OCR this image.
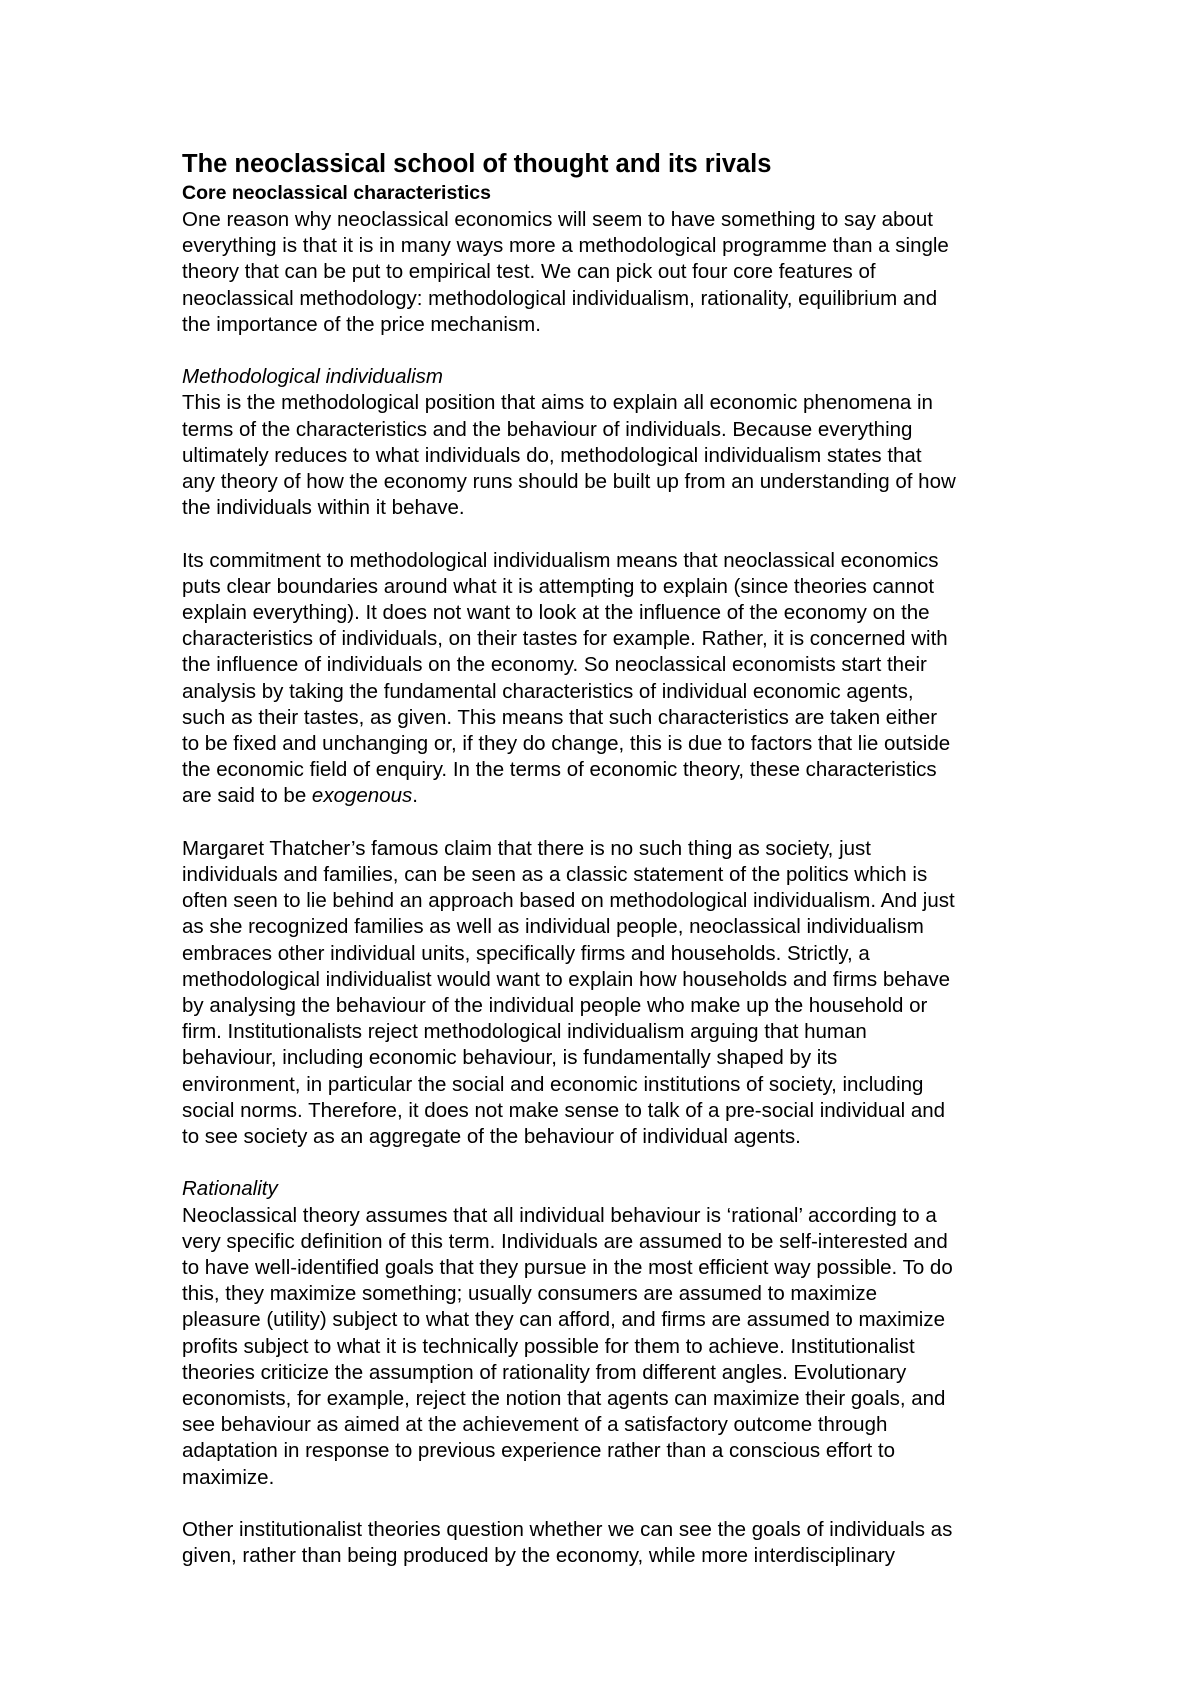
The neoclassical school of thought and its rivals
Core neoclassical characteristics

One reason why neoclassical economics will seem to have something to say about
everything is that it is in many ways more a methodological programme than a single
theory that can be put to empirical test. We can pick out four core features of
neoclassical methodology: methodological individualism, rationality, equilibrium and
the importance of the price mechanism.

Methodological individualism

This is the methodological position that aims to explain all economic phenomena in
terms of the characteristics and the behaviour of individuals. Because everything
ultimately reduces to what individuals do, methodological individualism states that
any theory of how the economy runs should be built up from an understanding of how
the individuals within it behave.

Its commitment to methodological individualism means that neoclassical economics
puts clear boundaries around what it is attempting to explain (since theories cannot
explain everything). It does not want to look at the influence of the economy on the
characteristics of individuals, on their tastes for example. Rather, it is concerned with
the influence of individuals on the economy. So neoclassical economists start their
analysis by taking the fundamental characteristics of individual economic agents,
such as their tastes, as given. This means that such characteristics are taken either
to be fixed and unchanging or, if they do change, this is due to factors that lie outside
the economic field of enquiry. In the terms of economic theory, these characteristics
are said to be exogenous.

Margaret Thatcher’s famous claim that there is no such thing as society, just
individuals and families, can be seen as a classic statement of the politics which is
often seen to lie behind an approach based on methodological individualism. And just
as she recognized families as well as individual people, neoclassical individualism
embraces other individual units, specifically firms and households. Strictly, a
methodological individualist would want to explain how households and firms behave
by analysing the behaviour of the individual people who make up the household or
firm. Institutionalists reject methodological individualism arguing that human
behaviour, including economic behaviour, is fundamentally shaped by its
environment, in particular the social and economic institutions of society, including
social norms. Therefore, it does not make sense to talk of a pre-social individual and
to see society as an aggregate of the behaviour of individual agents.

Rationality

Neoclassical theory assumes that all individual behaviour is ‘rational’ according to a
very specific definition of this term. Individuals are assumed to be self-interested and
to have well-identified goals that they pursue in the most efficient way possible. To do
this, they maximize something; usually consumers are assumed to maximize
pleasure (utility) subject to what they can afford, and firms are assumed to maximize
profits subject to what it is technically possible for them to achieve. Institutionalist
theories criticize the assumption of rationality from different angles. Evolutionary
economists, for example, reject the notion that agents can maximize their goals, and
see behaviour as aimed at the achievement of a satisfactory outcome through
adaptation in response to previous experience rather than a conscious effort to
maximize.

Other institutionalist theories question whether we can see the goals of individuals as
given, rather than being produced by the economy, while more interdisciplinary
